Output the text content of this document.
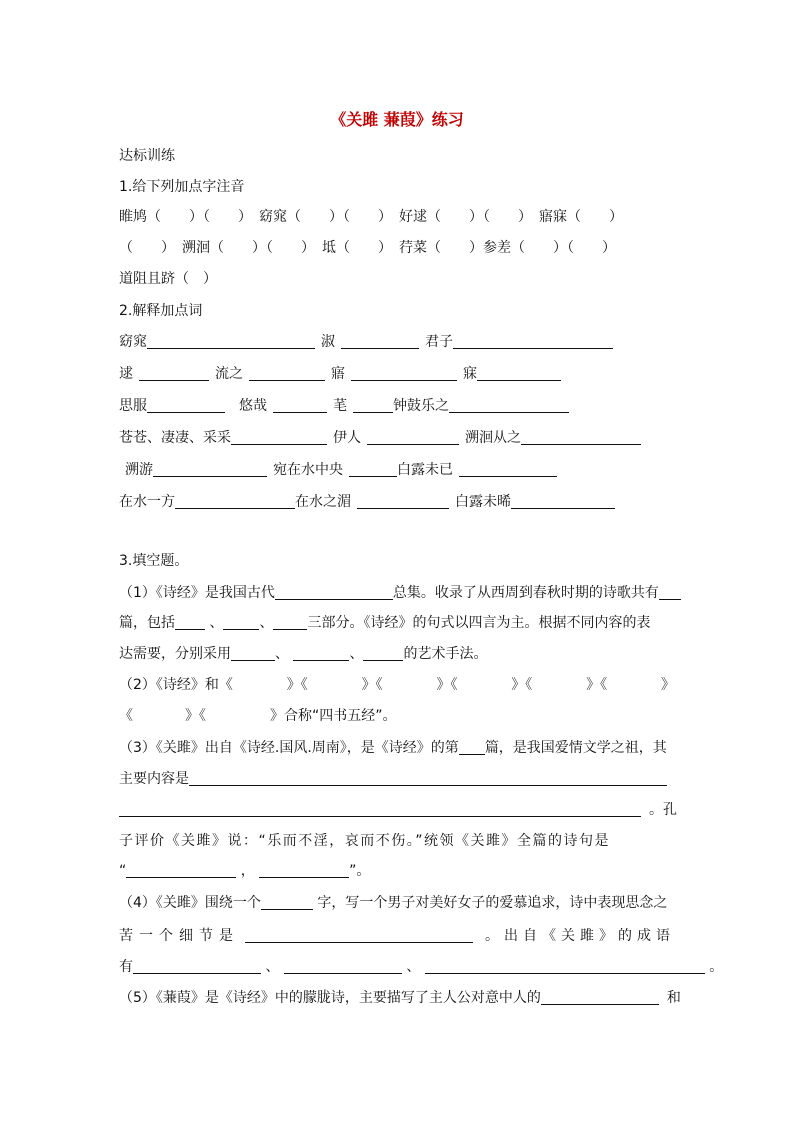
《关雎 蒹葭》练习
达标训练
1.给下列加点字注音
睢鸠（　　）（　　）　窈窕（　　）（　　）　好逑（　　）（　　）　寤寐（　　）
（　　）　溯洄（　　）（　　）　坻（　　）　荇菜（　　）参差（　　）（　　）
道阻且跻（　）
2.解释加点词
窈窕	淑	君子
逑	流之	寤	寐
思服	悠哉	芼	钟鼓乐之
苍苍、凄凄、采采	伊人	溯洄从之
溯游	宛在水中央	白露未已
在水一方	在水之湄	白露未晞
3.填空题。
（1）《诗经》是我国古代	总集。收录了从西周到春秋时期的诗歌共有
篇，包括 、	、 三部分。《诗经》的句式以四言为主。根据不同内容的表
达需要，分别采用	、	、	的艺术手法。
（2）《诗经》和《	》《	》《	》《	》《	》《	》
《	》《	》合称“四书五经”。
（3）《关雎》出自《诗经.国风.周南》，是《诗经》的第 篇，是我国爱情文学之祖，其
主要内容是
。孔
子评价《关雎》说：“乐而不淫，哀而不伤。”统领《关雎》全篇的诗句是
“	，	”。
（4）《关雎》围绕一个	字，写一个男子对美好女子的爱慕追求，诗中表现思念之
苦一个细节是	。出自《关雎》的成语
有	、	、	。
（5）《蒹葭》是《诗经》中的朦胧诗，主要描写了主人公对意中人的	和
